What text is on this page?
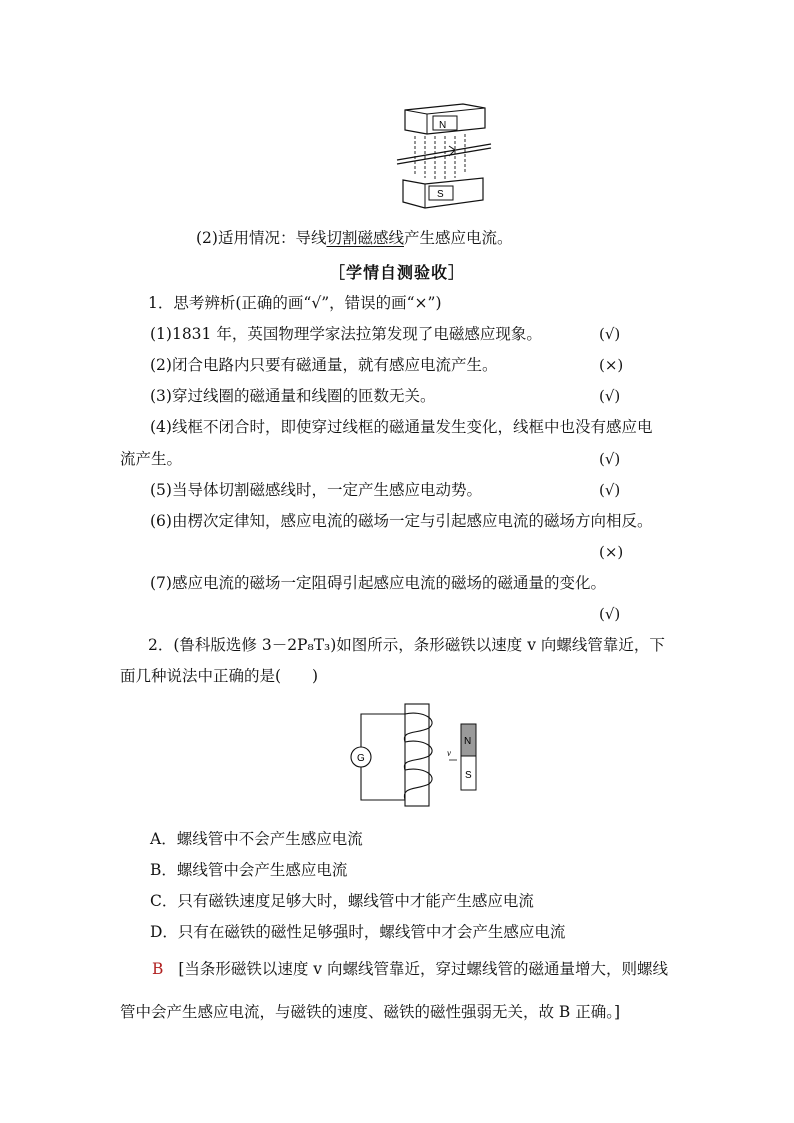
N
S
(2)适用情况：导线切割磁感线产生感应电流。
［学情自测验收］
1．思考辨析(正确的画“√”，错误的画“×”)
(1)1831 年，英国物理学家法拉第发现了电磁感应现象。	(√)
(2)闭合电路内只要有磁通量，就有感应电流产生。	(×)
(3)穿过线圈的磁通量和线圈的匝数无关。	(√)
(4)线框不闭合时，即使穿过线框的磁通量发生变化，线框中也没有感应电
流产生。	(√)
(5)当导体切割磁感线时，一定产生感应电动势。	(√)
(6)由楞次定律知，感应电流的磁场一定与引起感应电流的磁场方向相反。
(×)
(7)感应电流的磁场一定阻碍引起感应电流的磁场的磁通量的变化。
(√)
2．(鲁科版选修 3－2P₈T₃)如图所示，条形磁铁以速度 v 向螺线管靠近，下
面几种说法中正确的是(　　)
G	v
N
S
A．螺线管中不会产生感应电流
B．螺线管中会产生感应电流
C．只有磁铁速度足够大时，螺线管中才能产生感应电流
D．只有在磁铁的磁性足够强时，螺线管中才会产生感应电流
B [当条形磁铁以速度 v 向螺线管靠近，穿过螺线管的磁通量增大，则螺线
管中会产生感应电流，与磁铁的速度、磁铁的磁性强弱无关，故 B 正确。]
